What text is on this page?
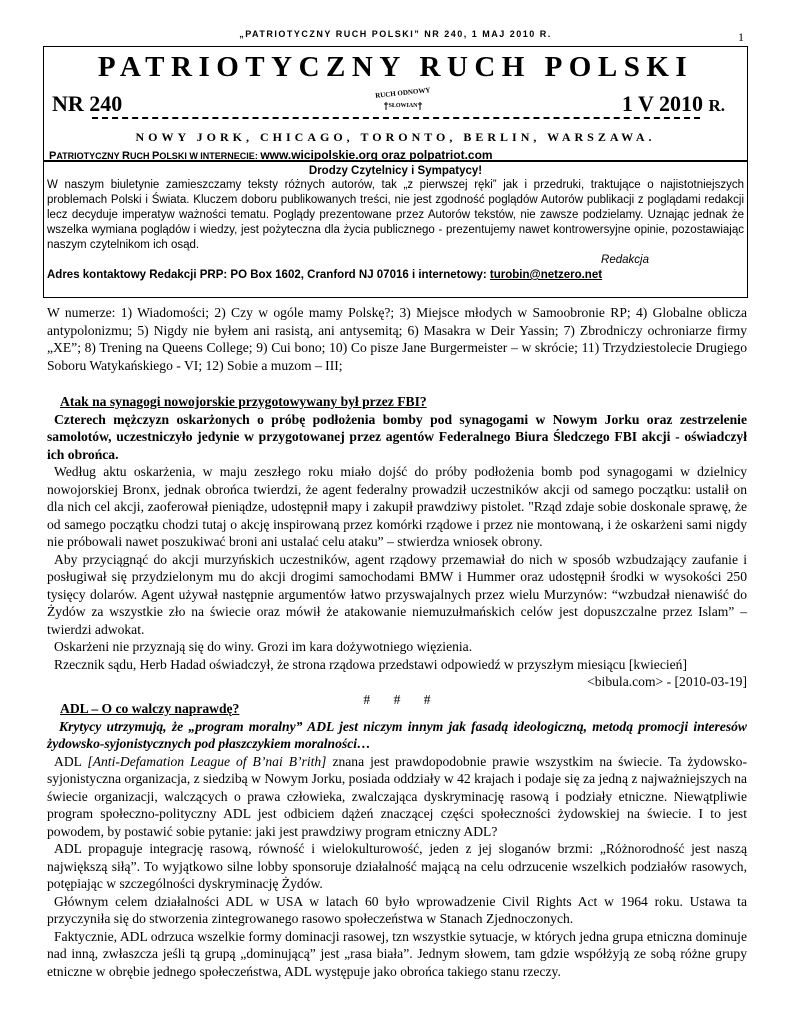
„PATRIOTYCZNY RUCH POLSKI” NR 240, 1 MAJ 2010 R.	1
PATRIOTYCZNY RUCH POLSKI
NR 240	RUCH ODNOWY
SŁOWIAN	1 V 2010 R.
NOWY JORK, CHICAGO, TORONTO, BERLIN, WARSZAWA.
PATRIOTYCZNY RUCH POLSKI W INTERNECIE: www.wicipolskie.org oraz polpatriot.com
Drodzy Czytelnicy i Sympatycy!

W naszym biuletynie zamieszczamy teksty różnych autorów, tak „z pierwszej ręki” jak i przedruki, traktujące o najistotniejszych problemach Polski i Świata. Kluczem doboru publikowanych treści, nie jest zgodność poglądów Autorów publikacji z poglądami redakcji lecz decyduje imperatyw ważności tematu. Poglądy prezentowane przez Autorów tekstów, nie zawsze podzielamy. Uznając jednak że wszelka wymiana poglądów i wiedzy, jest pożyteczna dla życia publicznego - prezentujemy nawet kontrowersyjne opinie, pozostawiając naszym czytelnikom ich osąd.

Redakcja

Adres kontaktowy Redakcji PRP: PO Box 1602, Cranford NJ 07016 i internetowy: turobin@netzero.net

W numerze: 1) Wiadomości; 2) Czy w ogóle mamy Polskę?; 3) Miejsce młodych w Samoobronie RP; 4) Globalne oblicza antypolonizmu; 5) Nigdy nie byłem ani rasistą, ani antysemitą; 6) Masakra w Deir Yassin; 7) Zbrodniczy ochroniarze firmy „XE”; 8) Trening na Queens College; 9) Cui bono; 10) Co pisze Jane Burgermeister – w skrócie; 11) Trzydziestolecie Drugiego Soboru Watykańskiego - VI; 12) Sobie a muzom – III;

Atak na synagogi nowojorskie przygotowywany był przez FBI?

Czterech mężczyzn oskarżonych o próbę podłożenia bomby pod synagogami w Nowym Jorku oraz zestrzelenie samolotów, uczestniczyło jedynie w przygotowanej przez agentów Federalnego Biura Śledczego FBI akcji - oświadczył ich obrońca.

Według aktu oskarżenia, w maju zeszłego roku miało dojść do próby podłożenia bomb pod synagogami w dzielnicy nowojorskiej Bronx, jednak obrońca twierdzi, że agent federalny prowadził uczestników akcji od samego początku: ustalił on dla nich cel akcji, zaoferował pieniądze, udostępnił mapy i zakupił prawdziwy pistolet. "Rząd zdaje sobie doskonale sprawę, że od samego początku chodzi tutaj o akcję inspirowaną przez komórki rządowe i przez nie montowaną, i że oskarżeni sami nigdy nie próbowali nawet poszukiwać broni ani ustalać celu ataku” – stwierdza wniosek obrony.

Aby przyciągnąć do akcji murzyńskich uczestników, agent rządowy przemawiał do nich w sposób wzbudzający zaufanie i posługiwał się przydzielonym mu do akcji drogimi samochodami BMW i Hummer oraz udostępnił środki w wysokości 250 tysięcy dolarów. Agent używał następnie argumentów łatwo przyswajalnych przez wielu Murzynów: “wzbudzał nienawiść do Żydów za wszystkie zło na świecie oraz mówił że atakowanie niemuzułmańskich celów jest dopuszczalne przez Islam” – twierdzi adwokat.

Oskarżeni nie przyznają się do winy. Grozi im kara dożywotniego więzienia.

Rzecznik sądu, Herb Hadad oświadczył, że strona rządowa przedstawi odpowiedź w przyszłym miesiącu [kwiecień]

<bibula.com> - [2010-03-19]

# # #

ADL – O co walczy naprawdę?

Krytycy utrzymują, że „program moralny” ADL jest niczym innym jak fasadą ideologiczną, metodą promocji interesów żydowsko-syjonistycznych pod płaszczykiem moralności…

ADL [Anti-Defamation League of B’nai B’rith] znana jest prawdopodobnie prawie wszystkim na świecie. Ta żydowsko-syjonistyczna organizacja, z siedzibą w Nowym Jorku, posiada oddziały w 42 krajach i podaje się za jedną z najważniejszych na świecie organizacji, walczących o prawa człowieka, zwalczająca dyskryminację rasową i podziały etniczne. Niewątpliwie program społeczno-polityczny ADL jest odbiciem dążeń znaczącej części społeczności żydowskiej na świecie. I to jest powodem, by postawić sobie pytanie: jaki jest prawdziwy program etniczny ADL?

ADL propaguje integrację rasową, równość i wielokulturowość, jeden z jej sloganów brzmi: „Różnorodność jest naszą największą siłą”. To wyjątkowo silne lobby sponsoruje działalność mającą na celu odrzucenie wszelkich podziałów rasowych, potępiając w szczególności dyskryminację Żydów.

Głównym celem działalności ADL w USA w latach 60 było wprowadzenie Civil Rights Act w 1964 roku. Ustawa ta przyczyniła się do stworzenia zintegrowanego rasowo społeczeństwa w Stanach Zjednoczonych.

Faktycznie, ADL odrzuca wszelkie formy dominacji rasowej, tzn wszystkie sytuacje, w których jedna grupa etniczna dominuje nad inną, zwłaszcza jeśli tą grupą „dominującą” jest „rasa biała”. Jednym słowem, tam gdzie współżyją ze sobą różne grupy etniczne w obrębie jednego społeczeństwa, ADL występuje jako obrońca takiego stanu rzeczy.
